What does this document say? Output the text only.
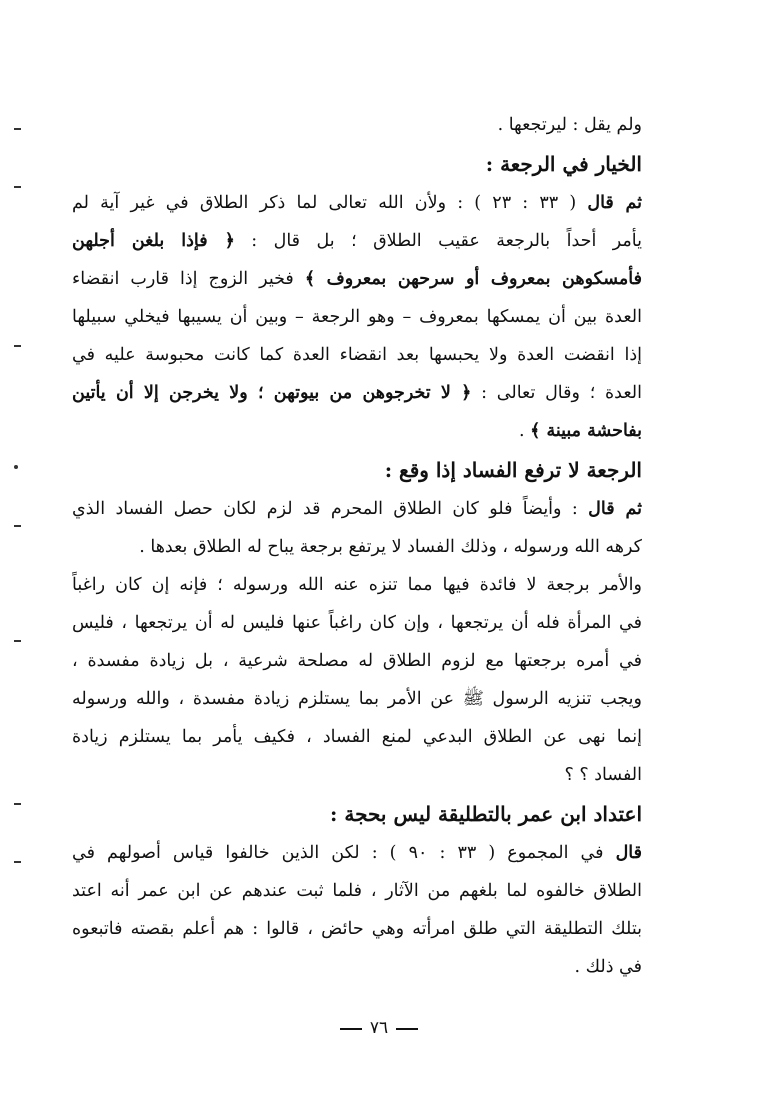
ولم يقل : ليرتجعها .
الخيار في الرجعة :
ثم قال ( ٣٣ : ٢٣ ) : ولأن الله تعالى لما ذكر الطلاق في غير آية لم
يأمر أحداً بالرجعة عقيب الطلاق ؛ بل قال : ﴿ فإذا بلغن أجلهن
فأمسكوهن بمعروف أو سرحهن بمعروف ﴾ فخير الزوج إذا قارب انقضاء
العدة بين أن يمسكها بمعروف – وهو الرجعة – وبين أن يسيبها فيخلي سبيلها
إذا انقضت العدة ولا يحبسها بعد انقضاء العدة كما كانت محبوسة عليه في
العدة ؛ وقال تعالى : ﴿ لا تخرجوهن من بيوتهن ؛ ولا يخرجن إلا أن يأتين
بفاحشة مبينة ﴾ .
الرجعة لا ترفع الفساد إذا وقع :
ثم قال : وأيضاً فلو كان الطلاق المحرم قد لزم لكان حصل الفساد الذي
كرهه الله ورسوله ، وذلك الفساد لا يرتفع برجعة يباح له الطلاق بعدها .
والأمر برجعة لا فائدة فيها مما تنزه عنه الله ورسوله ؛ فإنه إن كان راغباً
في المرأة فله أن يرتجعها ، وإن كان راغباً عنها فليس له أن يرتجعها ، فليس
في أمره برجعتها مع لزوم الطلاق له مصلحة شرعية ، بل زيادة مفسدة ،
ويجب تنزيه الرسول ﷺ عن الأمر بما يستلزم زيادة مفسدة ، والله ورسوله
إنما نهى عن الطلاق البدعي لمنع الفساد ، فكيف يأمر بما يستلزم زيادة
الفساد ؟ ؟
اعتداد ابن عمر بالتطليقة ليس بحجة :
قال في المجموع ( ٣٣ : ٩٠ ) : لكن الذين خالفوا قياس أصولهم في
الطلاق خالفوه لما بلغهم من الآثار ، فلما ثبت عندهم عن ابن عمر أنه اعتد
بتلك التطليقة التي طلق امرأته وهي حائض ، قالوا : هم أعلم بقصته فاتبعوه
في ذلك .
٧٦
